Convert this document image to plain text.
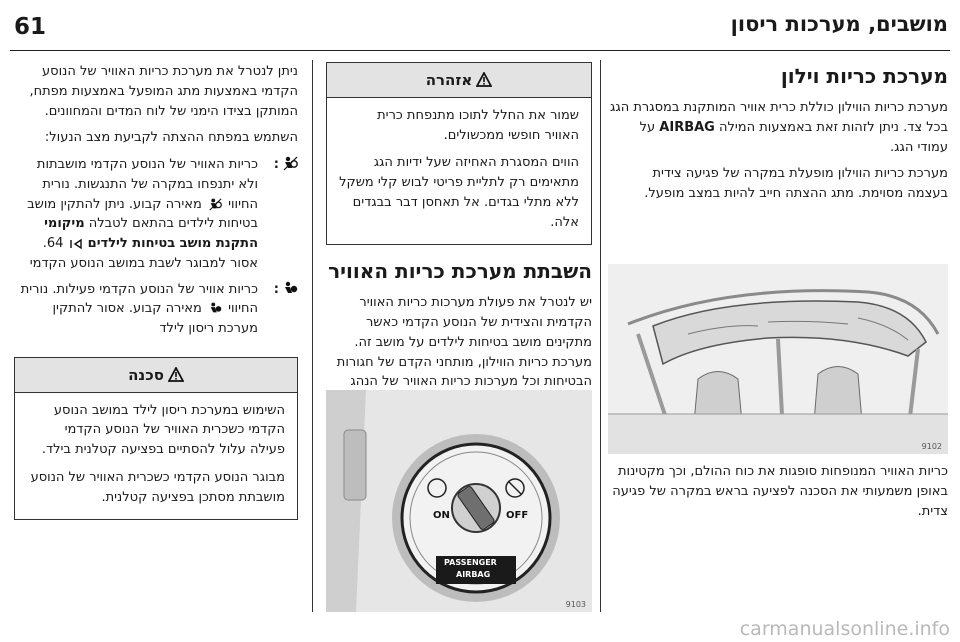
61	מושבים, מערכות ריסון
מערכת כריות וילון

מערכת כריות הווילון כוללת כרית אוויר המותקנת במסגרת הגג בכל צד. ניתן לזהות זאת באמצעות המילה AIRBAG על עמודי הגג.

מערכת כריות הווילון מופעלת במקרה של פגיעה צידית בעצמה מסוימת. מתג ההצתה חייב להיות במצב מופעל.

9102

כריות האוויר המנופחות סופגות את כוח ההולם, וכך מקטינות באופן משמעותי את הסכנה לפציעה בראש במקרה של פגיעה צדית.

אזהרה

שמור את החלל לתוכו מתנפחת כרית האוויר חופשי ממכשולים.

הווים המסגרת האחיזה שעל ידיות הגג מתאימים רק לתליית פריטי לבוש קלי משקל ללא מתלי בגדים. אל תאחסן דבר בבגדים אלה.

השבתת מערכת כריות האוויר

יש לנטרל את פעולת מערכות כריות האוויר הקדמית והצידית של הנוסע הקדמי כאשר מתקינים מושב בטיחות לילדים על מושב זה. מערכת כריות הווילון, מותחני הקדם של חגורות הבטיחות וכל מערכות כריות האוויר של הנהג

ON	OFF
PASSENGER
AIRBAG
9103

ניתן לנטרל את מערכת כריות האוויר של הנוסע הקדמי באמצעות מתג המופעל באמצעות מפתח, המותקן בצידו הימני של לוח המדים והמחוונים.

השתמש במפתח ההצתה לקביעת מצב הנעול:

:
כריות האוויר של הנוסע הקדמי מושבתות ולא יתנפחו במקרה של התנגשות. נורית החיווי  מאירה קבוע. ניתן להתקין מושב בטיחות לילדים בהתאם לטבלה מיקומי התקנת מושב בטיחות לילדים  64. אסור למבוגר לשבת במושב הנוסע הקדמי
:
כריות אוויר של הנוסע הקדמי פעילות. נורית החיווי  מאירה קבוע. אסור להתקין מערכת ריסון לילד
סכנה

השימוש במערכת ריסון לילד במושב הנוסע הקדמי כשכרית האוויר של הנוסע הקדמי פעילה עלול להסתיים בפציעה קטלנית בילד.

מבוגר הנוסע הקדמי כשכרית האוויר של הנוסע מושבתת מסתכן בפציעה קטלנית.

carmanualsonline.info
